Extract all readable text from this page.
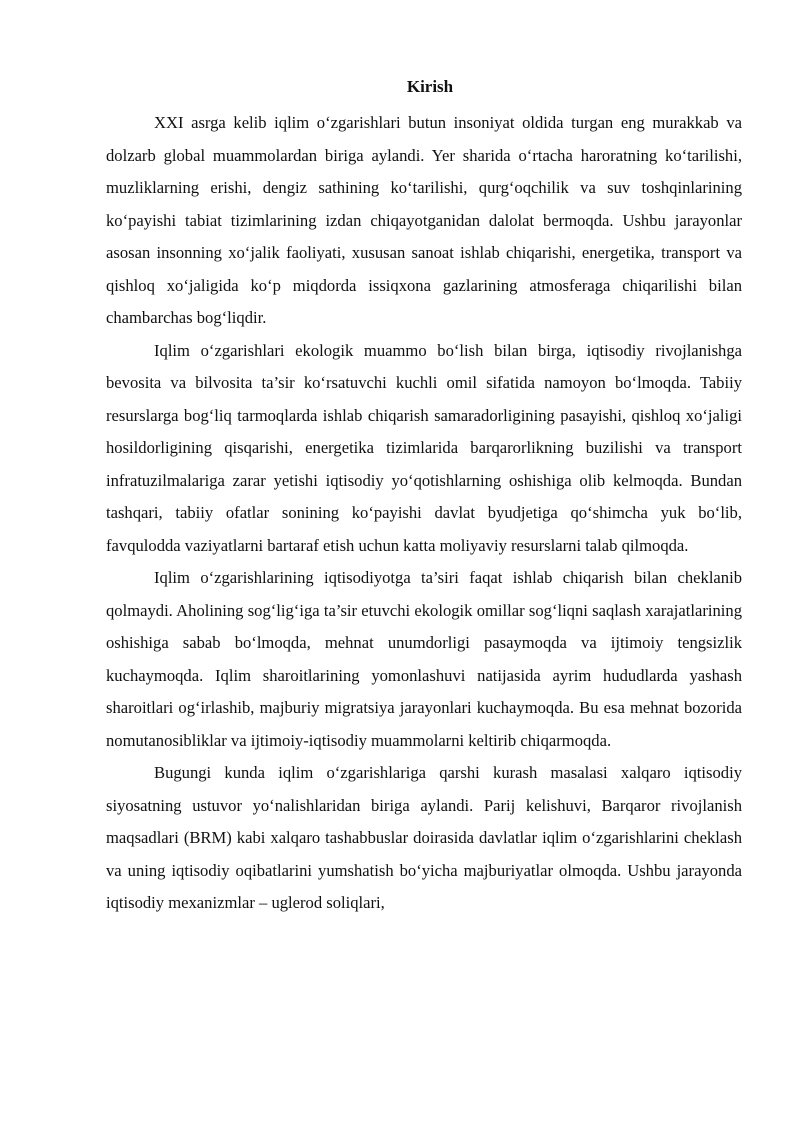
Kirish

XXI asrga kelib iqlim o‘zgarishlari butun insoniyat oldida turgan eng murakkab va dolzarb global muammolardan biriga aylandi. Yer sharida o‘rtacha haroratning ko‘tarilishi, muzliklarning erishi, dengiz sathining ko‘tarilishi, qurg‘oqchilik va suv toshqinlarining ko‘payishi tabiat tizimlarining izdan chiqayotganidan dalolat bermoqda. Ushbu jarayonlar asosan insonning xo‘jalik faoliyati, xususan sanoat ishlab chiqarishi, energetika, transport va qishloq xo‘jaligida ko‘p miqdorda issiqxona gazlarining atmosferaga chiqarilishi bilan chambarchas bog‘liqdir.

Iqlim o‘zgarishlari ekologik muammo bo‘lish bilan birga, iqtisodiy rivojlanishga bevosita va bilvosita ta’sir ko‘rsatuvchi kuchli omil sifatida namoyon bo‘lmoqda. Tabiiy resurslarga bog‘liq tarmoqlarda ishlab chiqarish samaradorligining pasayishi, qishloq xo‘jaligi hosildorligining qisqarishi, energetika tizimlarida barqarorlikning buzilishi va transport infratuzilmalariga zarar yetishi iqtisodiy yo‘qotishlarning oshishiga olib kelmoqda. Bundan tashqari, tabiiy ofatlar sonining ko‘payishi davlat byudjetiga qo‘shimcha yuk bo‘lib, favqulodda vaziyatlarni bartaraf etish uchun katta moliyaviy resurslarni talab qilmoqda.

Iqlim o‘zgarishlarining iqtisodiyotga ta’siri faqat ishlab chiqarish bilan cheklanib qolmaydi. Aholining sog‘lig‘iga ta’sir etuvchi ekologik omillar sog‘liqni saqlash xarajatlarining oshishiga sabab bo‘lmoqda, mehnat unumdorligi pasaymoqda va ijtimoiy tengsizlik kuchaymoqda. Iqlim sharoitlarining yomonlashuvi natijasida ayrim hududlarda yashash sharoitlari og‘irlashib, majburiy migratsiya jarayonlari kuchaymoqda. Bu esa mehnat bozorida nomutanosibliklar va ijtimoiy-iqtisodiy muammolarni keltirib chiqarmoqda.

Bugungi kunda iqlim o‘zgarishlariga qarshi kurash masalasi xalqaro iqtisodiy siyosatning ustuvor yo‘nalishlaridan biriga aylandi. Parij kelishuvi, Barqaror rivojlanish maqsadlari (BRM) kabi xalqaro tashabbuslar doirasida davlatlar iqlim o‘zgarishlarini cheklash va uning iqtisodiy oqibatlarini yumshatish bo‘yicha majburiyatlar olmoqda. Ushbu jarayonda iqtisodiy mexanizmlar – uglerod soliqlari,
